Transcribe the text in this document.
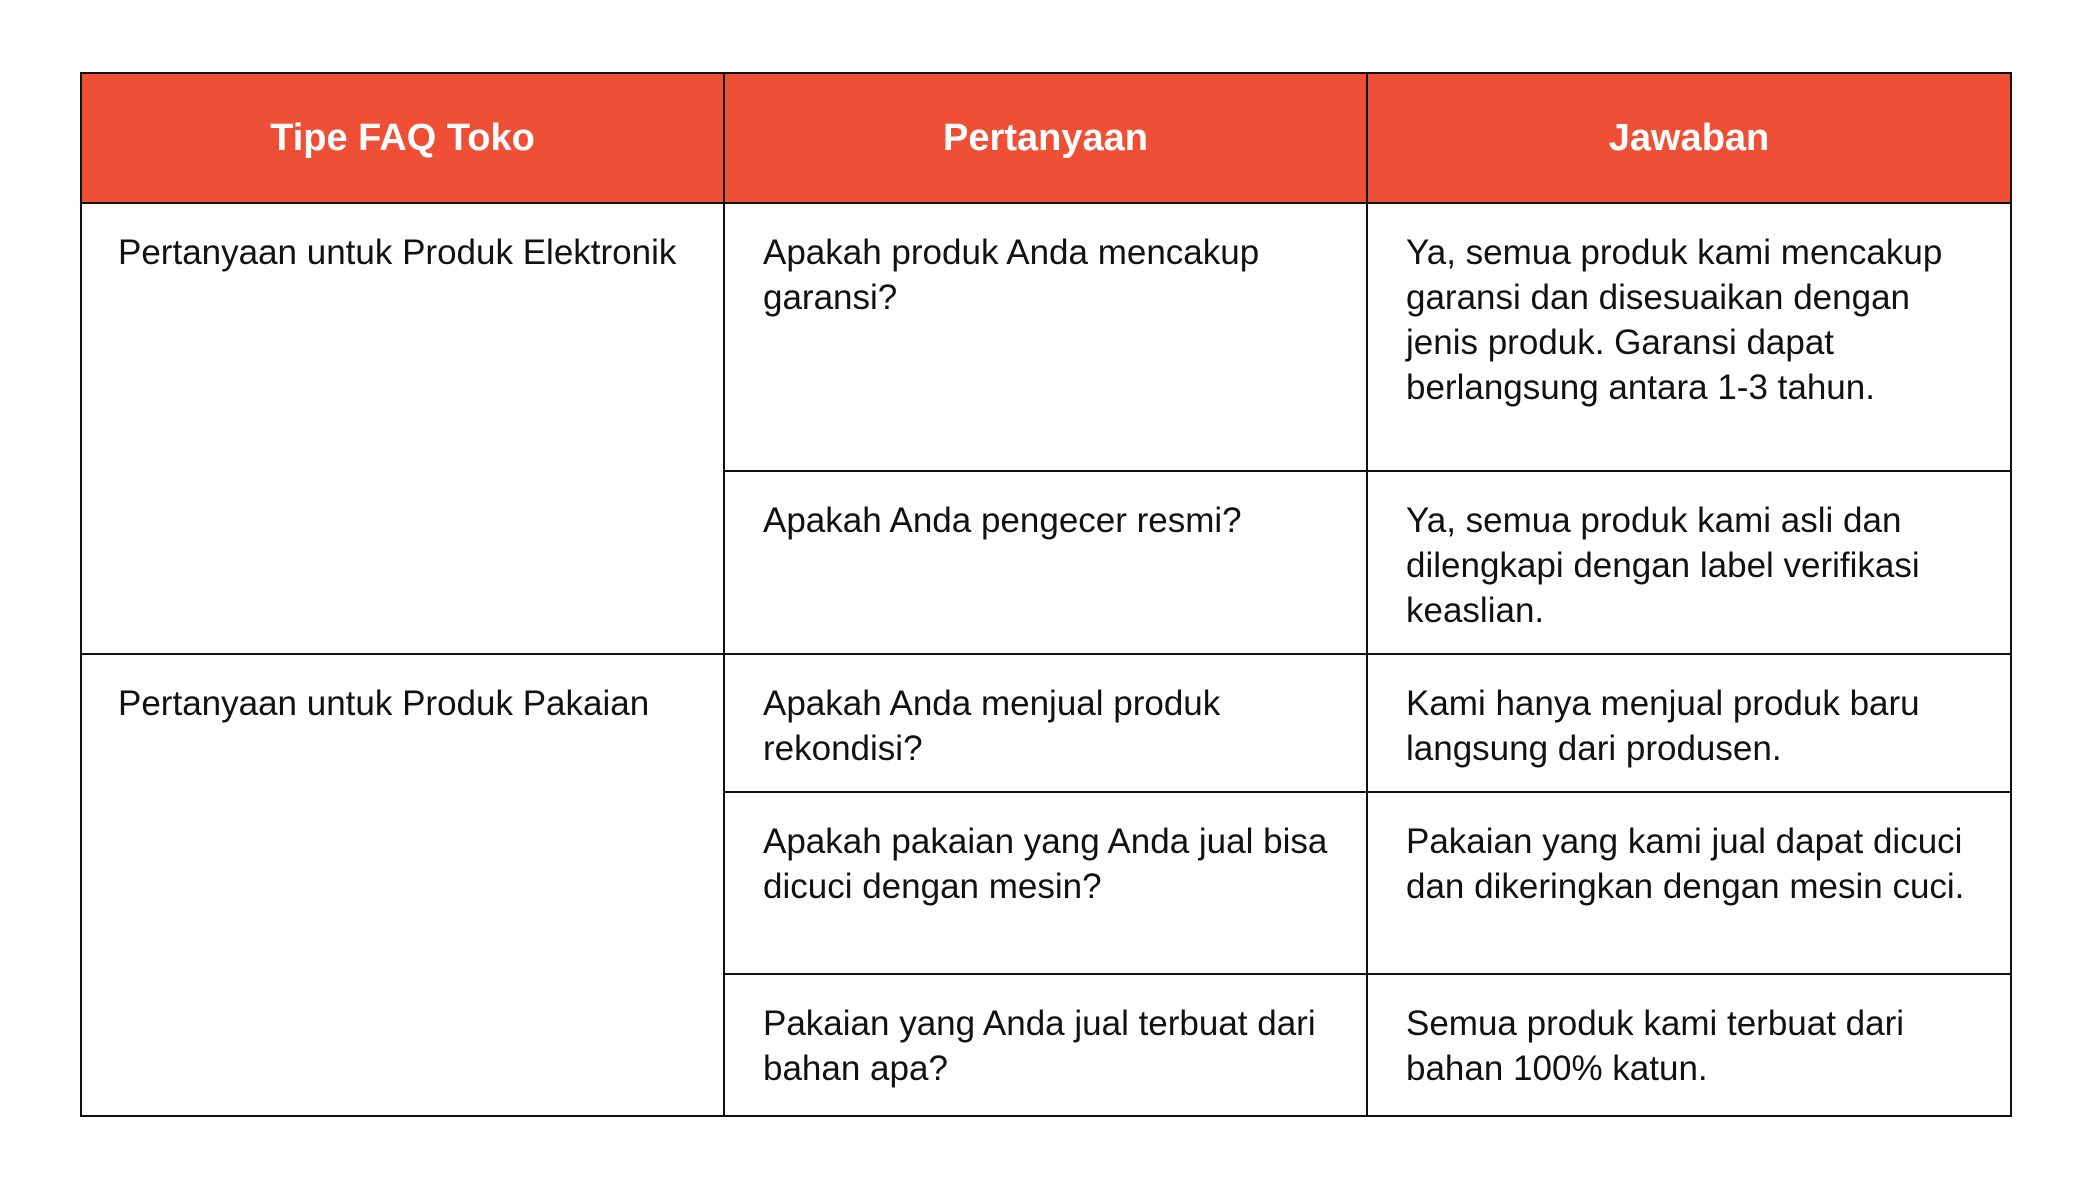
Tipe FAQ Toko	Pertanyaan	Jawaban
Pertanyaan untuk Produk Elektronik	Apakah produk Anda mencakup garansi?	Ya, semua produk kami mencakup garansi dan disesuaikan dengan jenis produk. Garansi dapat berlangsung antara 1-3 tahun.
	Apakah Anda pengecer resmi?	Ya, semua produk kami asli dan dilengkapi dengan label verifikasi keaslian.
Pertanyaan untuk Produk Pakaian	Apakah Anda menjual produk rekondisi?	Kami hanya menjual produk baru langsung dari produsen.
	Apakah pakaian yang Anda jual bisa dicuci dengan mesin?	Pakaian yang kami jual dapat dicuci dan dikeringkan dengan mesin cuci.
	Pakaian yang Anda jual terbuat dari bahan apa?	Semua produk kami terbuat dari bahan 100% katun.
